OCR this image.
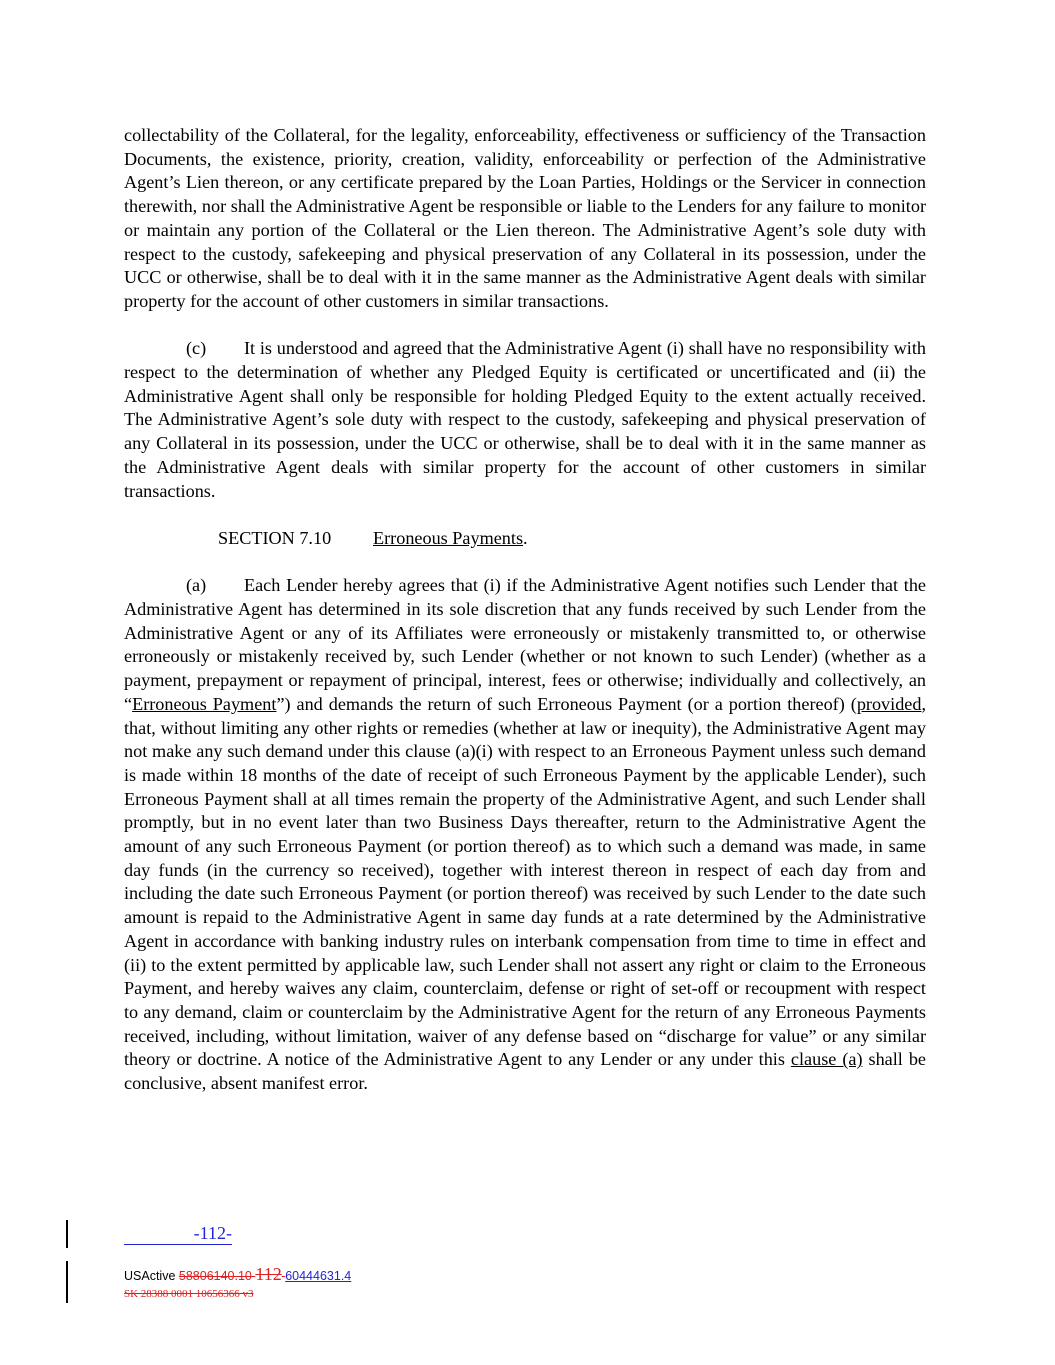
collectability of the Collateral, for the legality, enforceability, effectiveness or sufficiency of the Transaction Documents, the existence, priority, creation, validity, enforceability or perfection of the Administrative Agent’s Lien thereon, or any certificate prepared by the Loan Parties, Holdings or the Servicer in connection therewith, nor shall the Administrative Agent be responsible or liable to the Lenders for any failure to monitor or maintain any portion of the Collateral or the Lien thereon. The Administrative Agent’s sole duty with respect to the custody, safekeeping and physical preservation of any Collateral in its possession, under the UCC or otherwise, shall be to deal with it in the same manner as the Administrative Agent deals with similar property for the account of other customers in similar transactions.

(c) It is understood and agreed that the Administrative Agent (i) shall have no responsibility with respect to the determination of whether any Pledged Equity is certificated or uncertificated and (ii) the Administrative Agent shall only be responsible for holding Pledged Equity to the extent actually received. The Administrative Agent’s sole duty with respect to the custody, safekeeping and physical preservation of any Collateral in its possession, under the UCC or otherwise, shall be to deal with it in the same manner as the Administrative Agent deals with similar property for the account of other customers in similar transactions.

SECTION 7.10 Erroneous Payments.

(a) Each Lender hereby agrees that (i) if the Administrative Agent notifies such Lender that the Administrative Agent has determined in its sole discretion that any funds received by such Lender from the Administrative Agent or any of its Affiliates were erroneously or mistakenly transmitted to, or otherwise erroneously or mistakenly received by, such Lender (whether or not known to such Lender) (whether as a payment, prepayment or repayment of principal, interest, fees or otherwise; individually and collectively, an “Erroneous Payment”) and demands the return of such Erroneous Payment (or a portion thereof) (provided, that, without limiting any other rights or remedies (whether at law or inequity), the Administrative Agent may not make any such demand under this clause (a)(i) with respect to an Erroneous Payment unless such demand is made within 18 months of the date of receipt of such Erroneous Payment by the applicable Lender), such Erroneous Payment shall at all times remain the property of the Administrative Agent, and such Lender shall promptly, but in no event later than two Business Days thereafter, return to the Administrative Agent the amount of any such Erroneous Payment (or portion thereof) as to which such a demand was made, in same day funds (in the currency so received), together with interest thereon in respect of each day from and including the date such Erroneous Payment (or portion thereof) was received by such Lender to the date such amount is repaid to the Administrative Agent in same day funds at a rate determined by the Administrative Agent in accordance with banking industry rules on interbank compensation from time to time in effect and (ii) to the extent permitted by applicable law, such Lender shall not assert any right or claim to the Erroneous Payment, and hereby waives any claim, counterclaim, defense or right of set-off or recoupment with respect to any demand, claim or counterclaim by the Administrative Agent for the return of any Erroneous Payments received, including, without limitation, waiver of any defense based on “discharge for value” or any similar theory or doctrine. A notice of the Administrative Agent to any Lender or any under this clause (a) shall be conclusive, absent manifest error.

-112-
USActive 58806140.10 112 60444631.4
SK 28388 0001 10656366 v3
